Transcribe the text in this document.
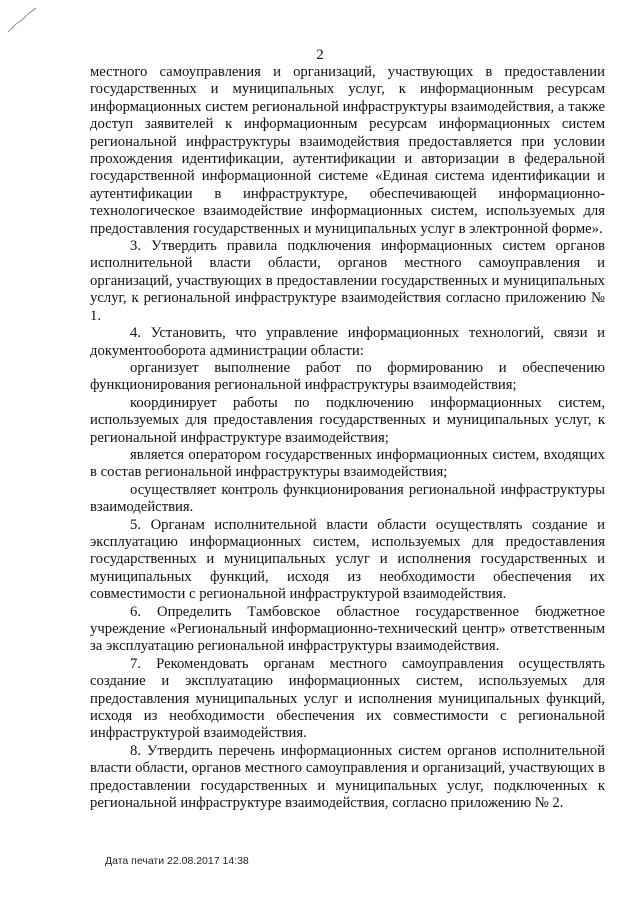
2

местного самоуправления и организаций, участвующих в предоставлении государственных и муниципальных услуг, к информационным ресурсам информационных систем региональной инфраструктуры взаимодействия, а также доступ заявителей к информационным ресурсам информационных систем региональной инфраструктуры взаимодействия предоставляется при условии прохождения идентификации, аутентификации и авторизации в федеральной государственной информационной системе «Единая система идентификации и аутентификации в инфраструктуре, обеспечивающей информационно-технологическое взаимодействие информационных систем, используемых для предоставления государственных и муниципальных услуг в электронной форме».

3. Утвердить правила подключения информационных систем органов исполнительной власти области, органов местного самоуправления и организаций, участвующих в предоставлении государственных и муниципальных услуг, к региональной инфраструктуре взаимодействия согласно приложению № 1.

4. Установить, что управление информационных технологий, связи и документооборота администрации области:

организует выполнение работ по формированию и обеспечению функционирования региональной инфраструктуры взаимодействия;

координирует работы по подключению информационных систем, используемых для предоставления государственных и муниципальных услуг, к региональной инфраструктуре взаимодействия;

является оператором государственных информационных систем, входящих в состав региональной инфраструктуры взаимодействия;

осуществляет контроль функционирования региональной инфраструктуры взаимодействия.

5. Органам исполнительной власти области осуществлять создание и эксплуатацию информационных систем, используемых для предоставления государственных и муниципальных услуг и исполнения государственных и муниципальных функций, исходя из необходимости обеспечения их совместимости с региональной инфраструктурой взаимодействия.

6. Определить Тамбовское областное государственное бюджетное учреждение «Региональный информационно-технический центр» ответственным за эксплуатацию региональной инфраструктуры взаимодействия.

7. Рекомендовать органам местного самоуправления осуществлять создание и эксплуатацию информационных систем, используемых для предоставления муниципальных услуг и исполнения муниципальных функций, исходя из необходимости обеспечения их совместимости с региональной инфраструктурой взаимодействия.

8. Утвердить перечень информационных систем органов исполнительной власти области, органов местного самоуправления и организаций, участвующих в предоставлении государственных и муниципальных услуг, подключенных к региональной инфраструктуре взаимодействия, согласно приложению № 2.

Дата печати 22.08.2017 14:38
